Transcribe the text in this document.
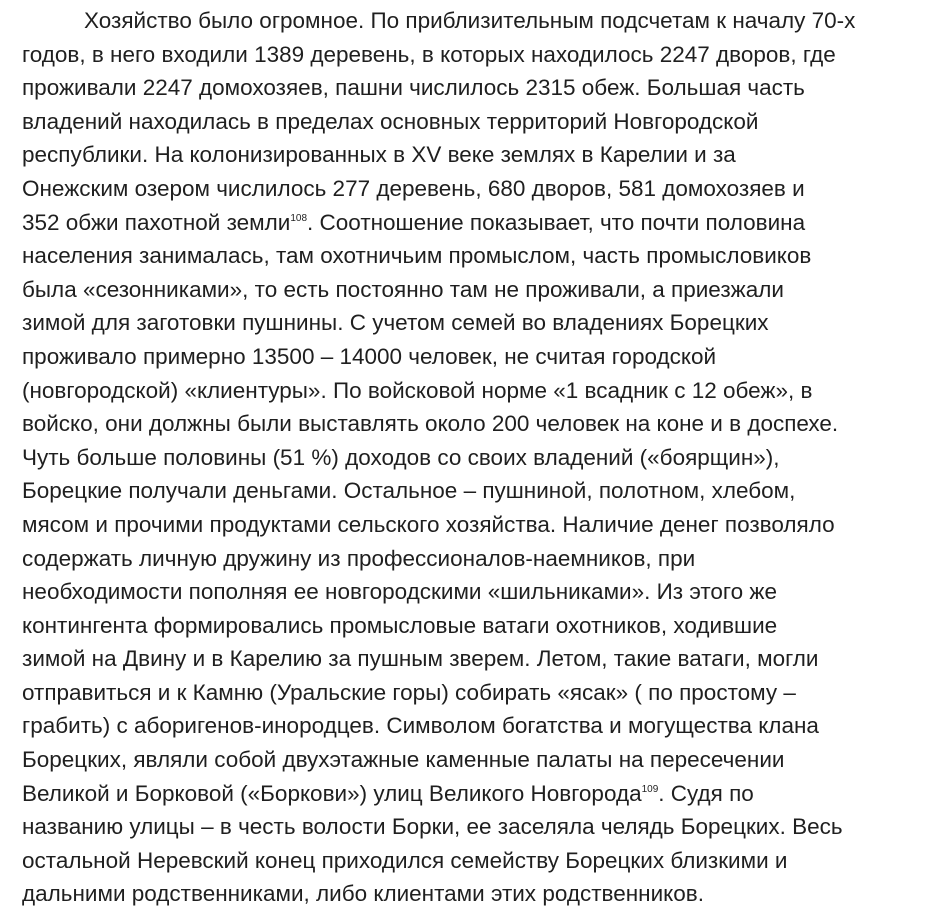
Хозяйство было огромное. По приблизительным подсчетам к началу 70-х
годов, в него входили 1389 деревень, в которых находилось 2247 дворов, где
проживали 2247 домохозяев, пашни числилось 2315 обеж. Большая часть
владений находилась в пределах основных территорий Новгородской
республики. На колонизированных в XV веке землях в Карелии и за
Онежским озером числилось 277 деревень, 680 дворов, 581 домохозяев и
352 обжи пахотной земли$^{108}$. Соотношение показывает, что почти половина
населения занималась, там охотничьим промыслом, часть промысловиков
была «сезонниками», то есть постоянно там не проживали, а приезжали
зимой для заготовки пушнины. С учетом семей во владениях Борецких
проживало примерно 13500 – 14000 человек, не считая городской
(новгородской) «клиентуры». По войсковой норме «1 всадник с 12 обеж», в
войско, они должны были выставлять около 200 человек на коне и в доспехе.
Чуть больше половины (51 %) доходов со своих владений («боярщин»),
Борецкие получали деньгами. Остальное – пушниной, полотном, хлебом,
мясом и прочими продуктами сельского хозяйства. Наличие денег позволяло
содержать личную дружину из профессионалов-наемников, при
необходимости пополняя ее новгородскими «шильниками». Из этого же
контингента формировались промысловые ватаги охотников, ходившие
зимой на Двину и в Карелию за пушным зверем. Летом, такие ватаги, могли
отправиться и к Камню (Уральские горы) собирать «ясак» ( по простому –
грабить) с аборигенов-инородцев. Символом богатства и могущества клана
Борецких, являли собой двухэтажные каменные палаты на пересечении
Великой и Борковой («Боркови») улиц Великого Новгорода$^{109}$. Судя по
названию улицы – в честь волости Борки, ее заселяла челядь Борецких. Весь
остальной Неревский конец приходился семейству Борецких близкими и
дальними родственниками, либо клиентами этих родственников.
